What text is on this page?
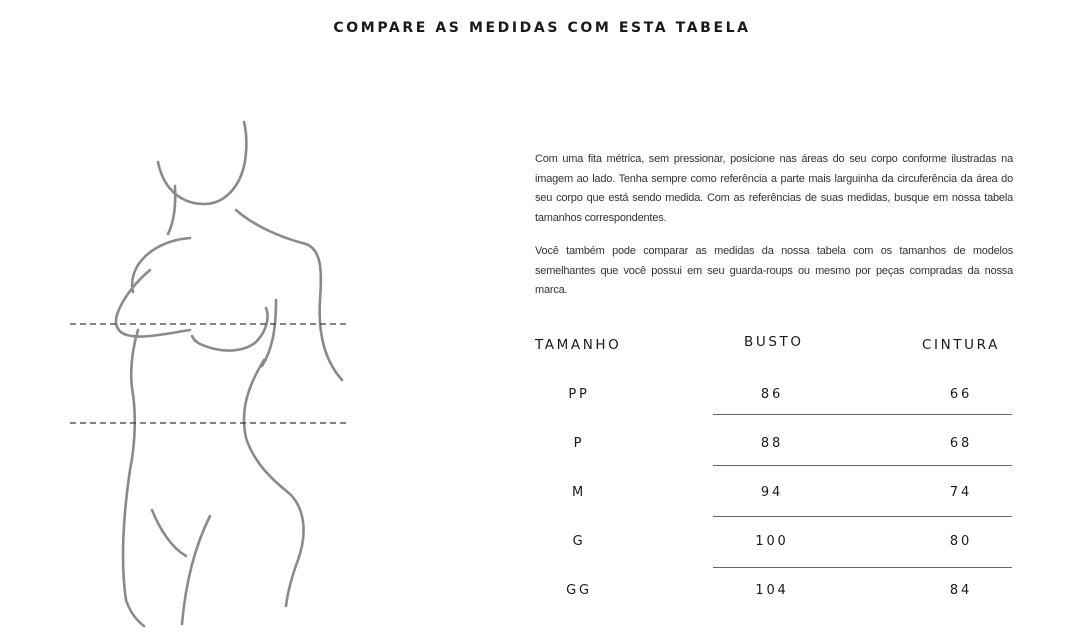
COMPARE AS MEDIDAS COM ESTA TABELA

Com uma fita métrica, sem pressionar, posicione nas áreas do seu corpo conforme ilustradas na imagem ao lado. Tenha sempre como referência a parte mais larguinha da circuferência da área do seu corpo que está sendo medida. Com as referências de suas medidas, busque em nossa tabela tamanhos correspondentes.

Você também pode comparar as medidas da nossa tabela com os tamanhos de modelos semelhantes que você possui em seu guarda-roups ou mesmo por peças compradas da nossa marca.

TAMANHO	BUSTO	CINTURA
PP	86	66
P	88	68
M	94	74
G	100	80
GG	104	84
